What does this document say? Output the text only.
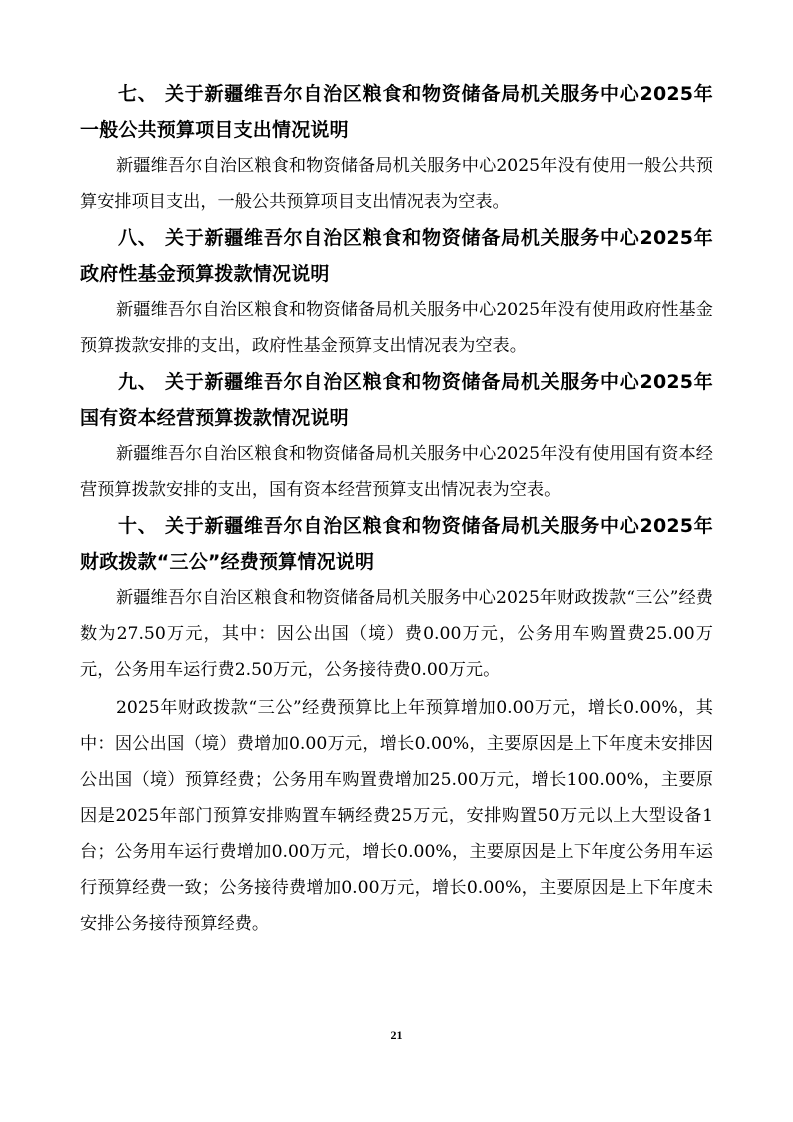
七、 关于新疆维吾尔自治区粮食和物资储备局机关服务中心2025年一般公共预算项目支出情况说明

新疆维吾尔自治区粮食和物资储备局机关服务中心2025年没有使用一般公共预算安排项目支出，一般公共预算项目支出情况表为空表。

八、 关于新疆维吾尔自治区粮食和物资储备局机关服务中心2025年政府性基金预算拨款情况说明

新疆维吾尔自治区粮食和物资储备局机关服务中心2025年没有使用政府性基金预算拨款安排的支出，政府性基金预算支出情况表为空表。

九、 关于新疆维吾尔自治区粮食和物资储备局机关服务中心2025年国有资本经营预算拨款情况说明

新疆维吾尔自治区粮食和物资储备局机关服务中心2025年没有使用国有资本经营预算拨款安排的支出，国有资本经营预算支出情况表为空表。

十、 关于新疆维吾尔自治区粮食和物资储备局机关服务中心2025年财政拨款“三公”经费预算情况说明

新疆维吾尔自治区粮食和物资储备局机关服务中心2025年财政拨款“三公”经费数为27.50万元，其中：因公出国（境）费0.00万元，公务用车购置费25.00万元，公务用车运行费2.50万元，公务接待费0.00万元。

2025年财政拨款“三公”经费预算比上年预算增加0.00万元，增长0.00%，其中：因公出国（境）费增加0.00万元，增长0.00%，主要原因是上下年度未安排因公出国（境）预算经费；公务用车购置费增加25.00万元，增长100.00%，主要原因是2025年部门预算安排购置车辆经费25万元，安排购置50万元以上大型设备1台；公务用车运行费增加0.00万元，增长0.00%，主要原因是上下年度公务用车运行预算经费一致；公务接待费增加0.00万元，增长0.00%，主要原因是上下年度未安排公务接待预算经费。

21
